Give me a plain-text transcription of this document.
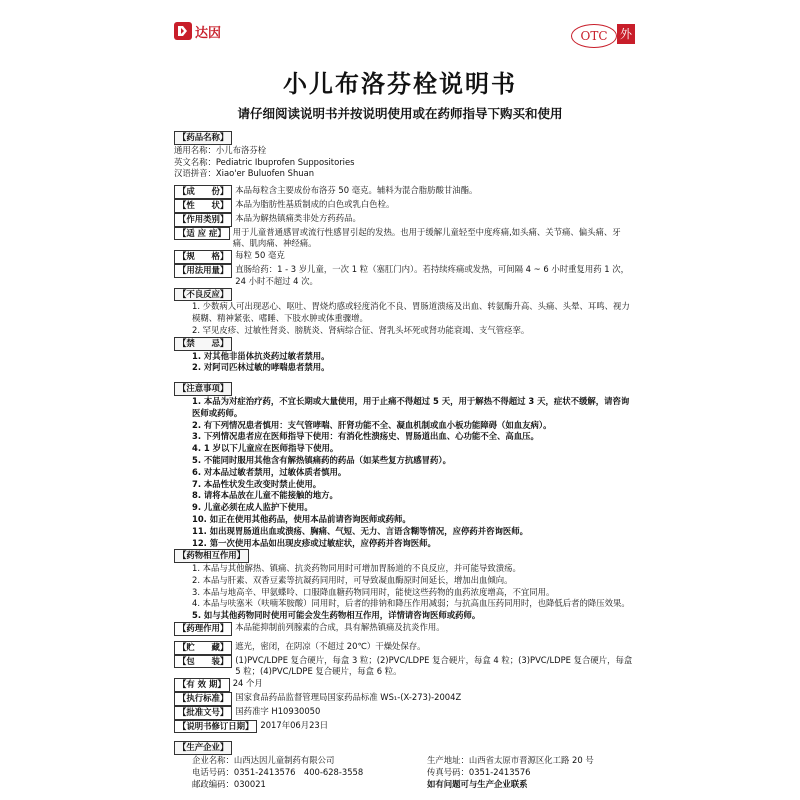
达因	OTC	外
小儿布洛芬栓说明书
请仔细阅读说明书并按说明使用或在药师指导下购买和使用
【药品名称】
通用名称：小儿布洛芬栓
英文名称：Pediatric Ibuprofen Suppositories
汉语拼音：Xiao'er Buluofen Shuan
【成　　份】 本品每粒含主要成份布洛芬 50 毫克。辅料为混合脂肪酸甘油酯。
【性　　状】 本品为脂肪性基质制成的白色或乳白色栓。
【作用类别】 本品为解热镇痛类非处方药药品。
【适 应 症】 用于儿童普通感冒或流行性感冒引起的发热。也用于缓解儿童轻至中度疼痛,如头痛、关节痛、偏头痛、牙痛、肌肉痛、神经痛。
【规　　格】 每粒 50 毫克
【用法用量】 直肠给药：1 - 3 岁儿童，一次 1 粒（塞肛门内）。若持续疼痛或发热，可间隔 4 ~ 6 小时重复用药 1 次，24 小时不超过 4 次。
【不良反应】
1. 少数病人可出现恶心、呕吐、胃烧灼感或轻度消化不良、胃肠道溃疡及出血、转氨酶升高、头痛、头晕、耳鸣、视力模糊、精神紧张、嗜睡、下肢水肿或体重骤增。
2. 罕见皮疹、过敏性肾炎、膀胱炎、肾病综合征、肾乳头坏死或肾功能衰竭、支气管痉挛。
【禁　　忌】
1. 对其他非甾体抗炎药过敏者禁用。
2. 对阿司匹林过敏的哮喘患者禁用。
【注意事项】
1. 本品为对症治疗药，不宜长期或大量使用，用于止痛不得超过 5 天，用于解热不得超过 3 天，症状不缓解，请咨询医师或药师。
2. 有下列情况患者慎用：支气管哮喘、肝肾功能不全、凝血机制或血小板功能障碍（如血友病）。
3. 下列情况患者应在医师指导下使用：有消化性溃疡史、胃肠道出血、心功能不全、高血压。
4. 1 岁以下儿童应在医师指导下使用。
5. 不能同时服用其他含有解热镇痛药的药品（如某些复方抗感冒药）。
6. 对本品过敏者禁用，过敏体质者慎用。
7. 本品性状发生改变时禁止使用。
8. 请将本品放在儿童不能接触的地方。
9. 儿童必须在成人监护下使用。
10. 如正在使用其他药品，使用本品前请咨询医师或药师。
11. 如出现胃肠道出血或溃疡、胸痛、气短、无力、言语含糊等情况，应停药并咨询医师。
12. 第一次使用本品如出现皮疹或过敏症状，应停药并咨询医师。
【药物相互作用】
1. 本品与其他解热、镇痛、抗炎药物同用时可增加胃肠道的不良反应，并可能导致溃疡。
2. 本品与肝素、双香豆素等抗凝药同用时，可导致凝血酶原时间延长，增加出血倾向。
3. 本品与地高辛、甲氨蝶呤、口服降血糖药物同用时，能使这些药物的血药浓度增高，不宜同用。
4. 本品与呋塞米（呋喃苯胺酸）同用时，后者的排钠和降压作用减弱；与抗高血压药同用时，也降低后者的降压效果。
5. 如与其他药物同时使用可能会发生药物相互作用，详情请咨询医师或药师。
【药理作用】 本品能抑制前列腺素的合成，具有解热镇痛及抗炎作用。
【贮　　藏】 遮光，密闭，在阴凉（不超过 20℃）干燥处保存。
【包　　装】 (1)PVC/LDPE 复合硬片，每盒 3 粒；(2)PVC/LDPE 复合硬片，每盒 4 粒；(3)PVC/LDPE 复合硬片，每盒 5 粒；(4)PVC/LDPE 复合硬片，每盒 6 粒。
【有 效 期】 24 个月
【执行标准】 国家食品药品监督管理局国家药品标准 WS₁-(X-273)-2004Z
【批准文号】 国药准字 H10930050
【说明书修订日期】 2017年06月23日
【生产企业】
企业名称：山西达因儿童制药有限公司	生产地址：山西省太原市晋源区化工路 20 号
电话号码：0351-2413576　400-628-3558	传真号码：0351-2413576
邮政编码：030021	如有问题可与生产企业联系
